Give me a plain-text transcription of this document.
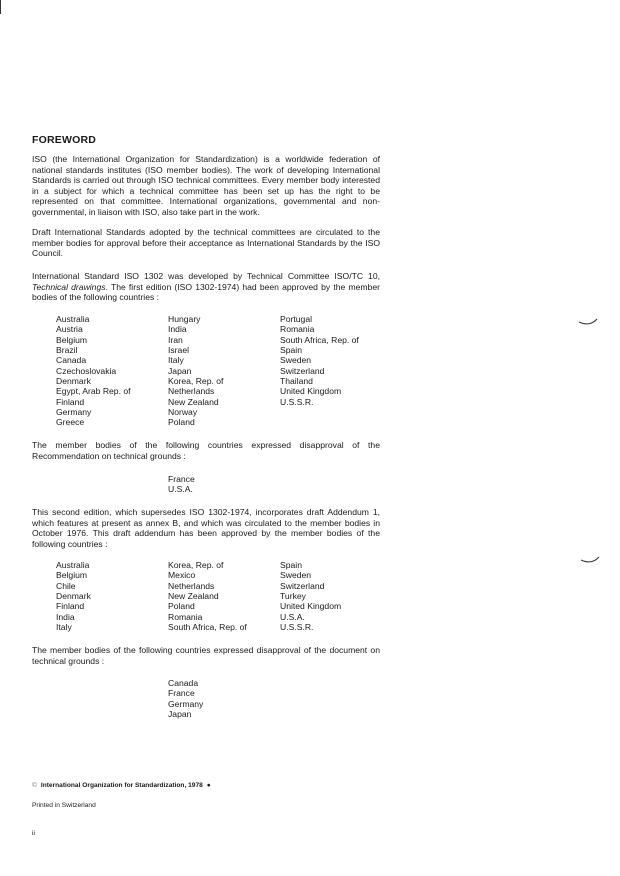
FOREWORD

ISO (the International Organization for Standardization) is a worldwide federation of national standards institutes (ISO member bodies). The work of developing International Standards is carried out through ISO technical committees. Every member body interested in a subject for which a technical committee has been set up has the right to be represented on that committee. International organizations, governmental and non-governmental, in liaison with ISO, also take part in the work.

Draft International Standards adopted by the technical committees are circulated to the member bodies for approval before their acceptance as International Standards by the ISO Council.

International Standard ISO 1302 was developed by Technical Committee ISO/TC 10, Technical drawings. The first edition (ISO 1302-1974) had been approved by the member bodies of the following countries :

Australia
Austria
Belgium
Brazil
Canada
Czechoslovakia
Denmark
Egypt, Arab Rep. of
Finland
Germany
Greece
Hungary
India
Iran
Israel
Italy
Japan
Korea, Rep. of
Netherlands
New Zealand
Norway
Poland
Portugal
Romania
South Africa, Rep. of
Spain
Sweden
Switzerland
Thailand
United Kingdom
U.S.S.R.

The member bodies of the following countries expressed disapproval of the Recommendation on technical grounds :

France
U.S.A.

This second edition, which supersedes ISO 1302-1974, incorporates draft Addendum 1, which features at present as annex B, and which was circulated to the member bodies in October 1976. This draft addendum has been approved by the member bodies of the following countries :

Australia
Belgium
Chile
Denmark
Finland
India
Italy
Korea, Rep. of
Mexico
Netherlands
New Zealand
Poland
Romania
South Africa, Rep. of
Spain
Sweden
Switzerland
Turkey
United Kingdom
U.S.A.
U.S.S.R.

The member bodies of the following countries expressed disapproval of the document on technical grounds :

Canada
France
Germany
Japan
© International Organization for Standardization, 1978 ●
Printed in Switzerland
ii
